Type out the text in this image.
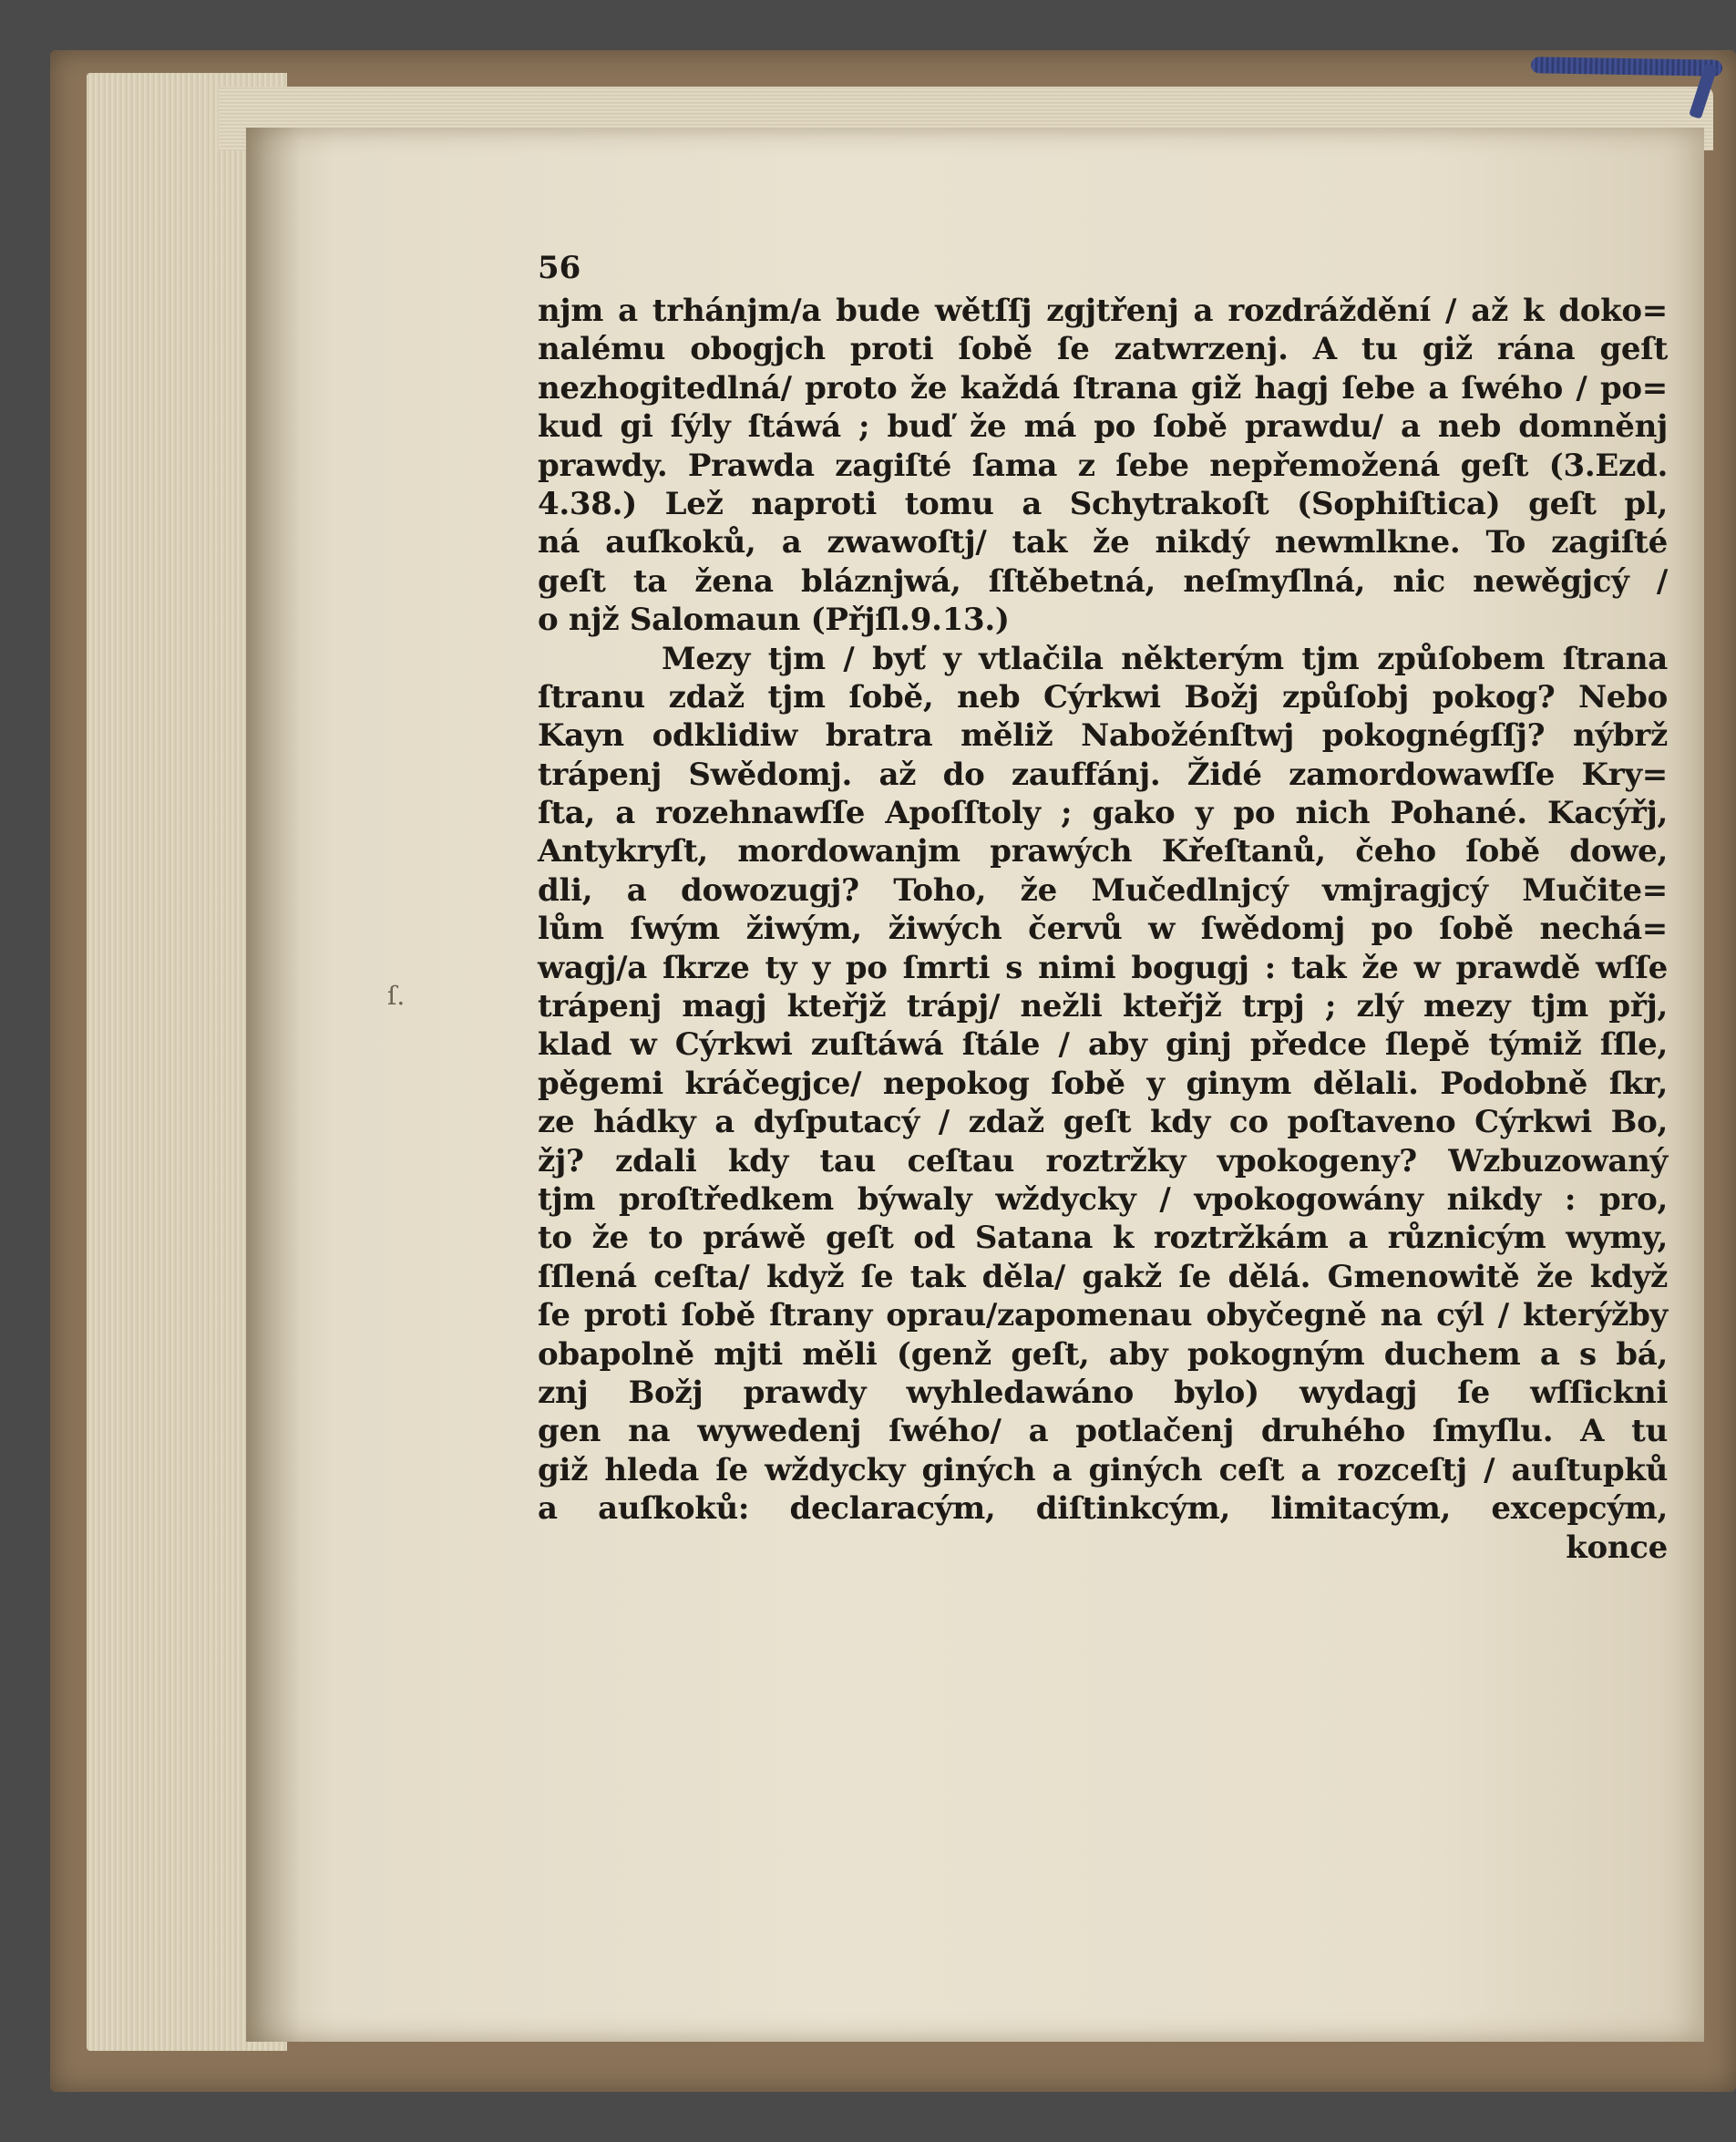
ſ.
56
njm a trhánjm/a bude wětſſj zgjtřenj a rozdráždění / až k doko=
nalému obogjch proti ſobě ſe zatwrzenj. A tu giž rána geſt
nezhogitedlná/ proto že každá ſtrana giž hagj ſebe a ſwého / po=
kud gi ſýly ſtáwá ; buď že má po ſobě prawdu/ a neb domněnj
prawdy. Prawda zagiſté ſama z ſebe nepřemožená geſt (3.Ezd.
4.38.) Lež naproti tomu a Schytrakoſt (Sophiſtica) geſt pl,
ná auſkoků, a zwawoſtj/ tak že nikdý newmlkne. To zagiſté
geſt ta žena bláznjwá, ſſtěbetná, neſmyſlná, nic newěgjcý /
o njž Salomaun (Přjſl.9.13.)
Mezy tjm / byť y vtlačila některým tjm způſobem ſtrana
ſtranu zdaž tjm ſobě, neb Cýrkwi Božj způſobj pokog? Nebo
Kayn odklidiw bratra měliž Nabožénſtwj pokognégſſj? nýbrž
trápenj Swědomj. až do zauffánj. Židé zamordowawſſe Kry=
ſta, a rozehnawſſe Apoſſtoly ; gako y po nich Pohané. Kacýřj,
Antykryſt, mordowanjm prawých Křeſtanů, čeho ſobě dowe,
dli, a dowozugj? Toho, že Mučedlnjcý vmjragjcý Mučite=
lům ſwým žiwým, žiwých červů w ſwědomj po ſobě nechá=
wagj/a ſkrze ty y po ſmrti s nimi bogugj : tak že w prawdě wſſe
trápenj magj kteřjž trápj/ nežli kteřjž trpj ; zlý mezy tjm přj,
klad w Cýrkwi zuſtáwá ſtále / aby ginj předce ſlepě týmiž ſſle,
pěgemi kráčegjce/ nepokog ſobě y ginym dělali. Podobně ſkr,
ze hádky a dyſputacý / zdaž geſt kdy co poſtaveno Cýrkwi Bo,
žj? zdali kdy tau ceſtau roztržky vpokogeny? Wzbuzowaný
tjm proſtředkem býwaly wždycky / vpokogowány nikdy : pro,
to že to práwě geſt od Satana k roztržkám a různicým wymy,
ſſlená ceſta/ když ſe tak děla/ gakž ſe dělá. Gmenowitě že když
ſe proti ſobě ſtrany oprau/zapomenau obyčegně na cýl / kterýžby
obapolně mjti měli (genž geſt, aby pokogným duchem a s bá,
znj Božj prawdy wyhledawáno bylo) wydagj ſe wſſickni
gen na wywedenj ſwého/ a potlačenj druhého ſmyſlu. A tu
giž hleda ſe wždycky giných a giných ceſt a rozceſtj / auſtupků
a auſkoků: declaracým, diſtinkcým, limitacým, excepcým,
konce
